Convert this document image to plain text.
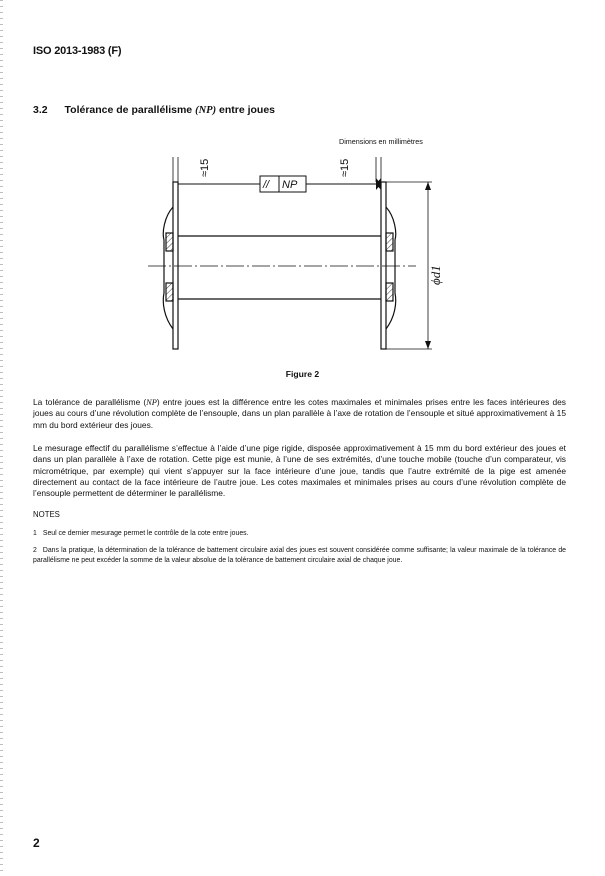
ISO 2013-1983 (F)
3.2 Tolérance de parallélisme (NP) entre joues
Dimensions en millimètres
≈15	≈15
// NP
ϕd1
Figure 2

La tolérance de parallélisme (NP) entre joues est la différence entre les cotes maximales et minimales prises entre les faces intérieures des joues au cours d’une révolution complète de l’ensouple, dans un plan parallèle à l’axe de rotation de l’ensouple et situé approximativement à 15 mm du bord extérieur des joues.

Le mesurage effectif du parallélisme s’effectue à l’aide d’une pige rigide, disposée approximativement à 15 mm du bord extérieur des joues et dans un plan parallèle à l’axe de rotation. Cette pige est munie, à l’une de ses extrémités, d’une touche mobile (touche d’un comparateur, vis micrométrique, par exemple) qui vient s’appuyer sur la face intérieure d’une joue, tandis que l’autre extrémité de la pige est amenée directement au contact de la face intérieure de l’autre joue. Les cotes maximales et minimales prises au cours d’une révolution complète de l’ensouple permettent de déterminer le parallélisme.

NOTES

1 Seul ce dernier mesurage permet le contrôle de la cote entre joues.

2 Dans la pratique, la détermination de la tolérance de battement circulaire axial des joues est souvent considérée comme suffisante; la valeur maximale de la tolérance de parallélisme ne peut excéder la somme de la valeur absolue de la tolérance de battement circulaire axial de chaque joue.

2
